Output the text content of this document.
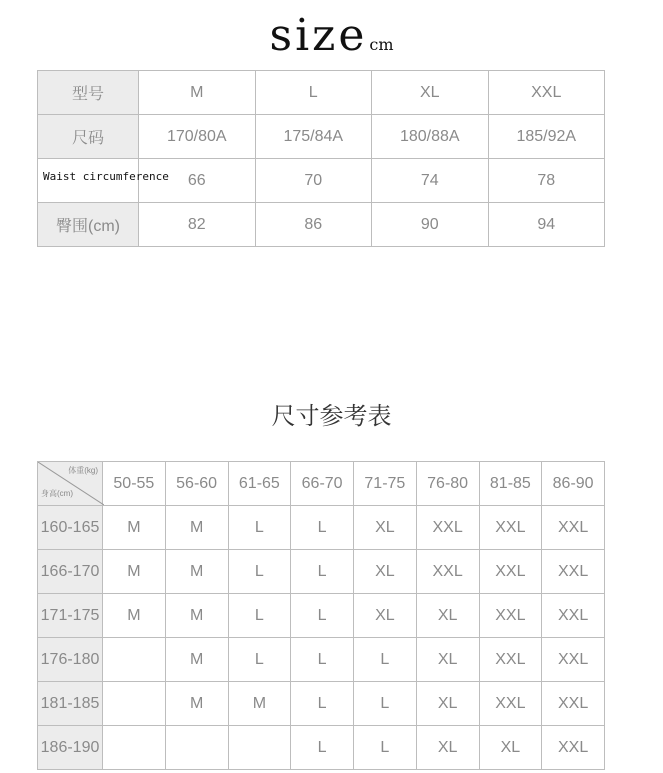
size cm
型号	M	L	XL	XXL
尺码	170/80A	175/84A	180/88A	185/92A
Waist circumference	66	70	74	78
臀围(cm)	82	86	90	94
尺寸参考表
体重(kg)
身高(cm)	50-55	56-60	61-65	66-70	71-75	76-80	81-85	86-90
160-165	M	M	L	L	XL	XXL	XXL	XXL
166-170	M	M	L	L	XL	XXL	XXL	XXL
171-175	M	M	L	L	XL	XL	XXL	XXL
176-180		M	L	L	L	XL	XXL	XXL
181-185		M	M	L	L	XL	XXL	XXL
186-190				L	L	XL	XL	XXL
